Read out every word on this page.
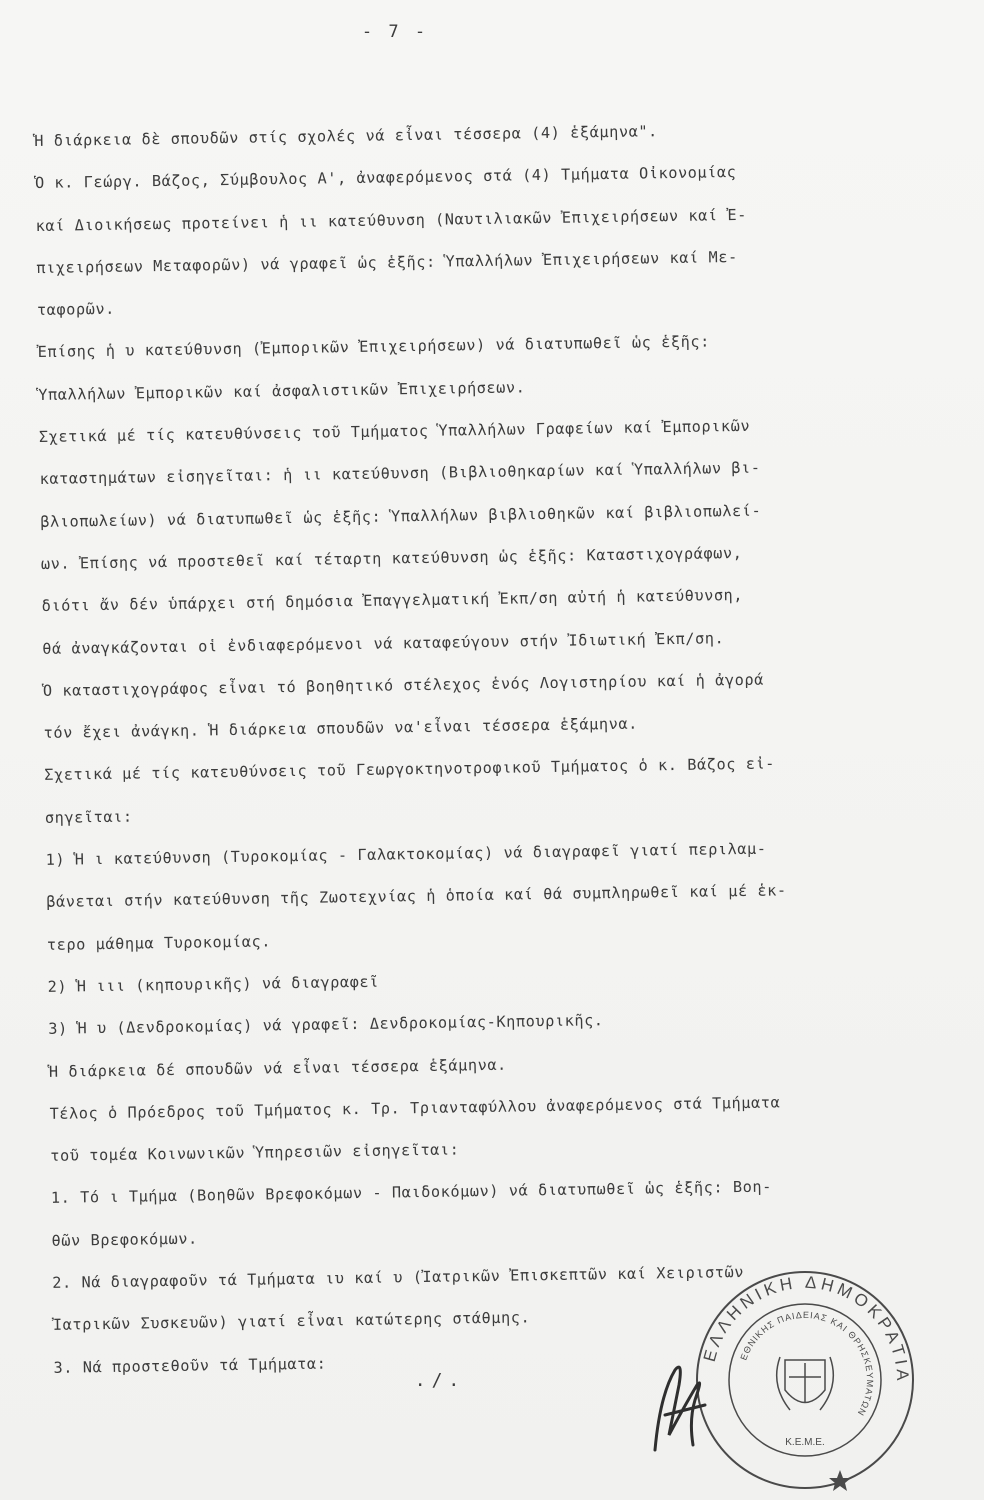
- 7 -
Ἡ διάρκεια δὲ σπουδῶν στίς σχολές νά εἶναι τέσσερα (4) ἑξάμηνα".
Ὁ κ. Γεώργ. Βάζος, Σύμβουλος Α', ἀναφερόμενος στά (4) Τμήματα Οἰκονομίας
καί Διοικήσεως προτείνει ἡ ιι κατεύθυνση (Ναυτιλιακῶν Ἐπιχειρήσεων καί Ἐ-
πιχειρήσεων Μεταφορῶν) νά γραφεῖ ὡς ἑξῆς: Ὑπαλλήλων Ἐπιχειρήσεων καί Με-
ταφορῶν.
Ἐπίσης ἡ υ κατεύθυνση (Ἐμπορικῶν Ἐπιχειρήσεων) νά διατυπωθεῖ ὡς ἑξῆς:
Ὑπαλλήλων Ἐμπορικῶν καί ἀσφαλιστικῶν Ἐπιχειρήσεων.
Σχετικά μέ τίς κατευθύνσεις τοῦ Τμήματος Ὑπαλλήλων Γραφείων καί Ἐμπορικῶν
καταστημάτων εἰσηγεῖται: ἡ ιι κατεύθυνση (Βιβλιοθηκαρίων καί Ὑπαλλήλων βι-
βλιοπωλείων) νά διατυπωθεῖ ὡς ἑξῆς: Ὑπαλλήλων βιβλιοθηκῶν καί βιβλιοπωλεί-
ων. Ἐπίσης νά προστεθεῖ καί τέταρτη κατεύθυνση ὡς ἑξῆς: Καταστιχογράφων,
διότι ἄν δέν ὑπάρχει στή δημόσια Ἐπαγγελματική Ἐκπ/ση αὐτή ἡ κατεύθυνση,
θά ἀναγκάζονται οἱ ἐνδιαφερόμενοι νά καταφεύγουν στήν Ἰδιωτική Ἐκπ/ση.
Ὁ καταστιχογράφος εἶναι τό βοηθητικό στέλεχος ἑνός Λογιστηρίου καί ἡ ἀγορά
τόν ἔχει ἀνάγκη. Ἡ διάρκεια σπουδῶν να'εἶναι τέσσερα ἑξάμηνα.
Σχετικά μέ τίς κατευθύνσεις τοῦ Γεωργοκτηνοτροφικοῦ Τμήματος ὁ κ. Βάζος εἰ-
σηγεῖται:
1) Ἡ ι κατεύθυνση (Τυροκομίας - Γαλακτοκομίας) νά διαγραφεῖ γιατί περιλαμ-
βάνεται στήν κατεύθυνση τῆς Ζωοτεχνίας ἡ ὁποία καί θά συμπληρωθεῖ καί μέ ἑκ-
τερο μάθημα Τυροκομίας.
2) Ἡ ιιι (κηπουρικῆς) νά διαγραφεῖ
3) Ἡ υ (Δενδροκομίας) νά γραφεῖ: Δενδροκομίας-Κηπουρικῆς.
Ἡ διάρκεια δέ σπουδῶν νά εἶναι τέσσερα ἑξάμηνα.
Τέλος ὁ Πρόεδρος τοῦ Τμήματος κ. Τρ. Τριανταφύλλου ἀναφερόμενος στά Τμήματα
τοῦ τομέα Κοινωνικῶν Ὑπηρεσιῶν εἰσηγεῖται:
1. Τό ι Τμήμα (Βοηθῶν Βρεφοκόμων - Παιδοκόμων) νά διατυπωθεῖ ὡς ἑξῆς: Βοη-
θῶν Βρεφοκόμων.
2. Νά διαγραφοῦν τά Τμήματα ιυ καί υ (Ἰατρικῶν Ἐπισκεπτῶν καί Χειριστῶν
Ἰατρικῶν Συσκευῶν) γιατί εἶναι κατώτερης στάθμης.
3. Νά προστεθοῦν τά Τμήματα:
./.
ΕΛΛΗΝΙΚΗ ΔΗΜΟΚΡΑΤΙΑ
ΕΘΝΙΚΗΣ ΠΑΙΔΕΙΑΣ ΚΑΙ ΘΡΗΣΚΕΥΜΑΤΩΝ
Κ.Ε.Μ.Ε.
